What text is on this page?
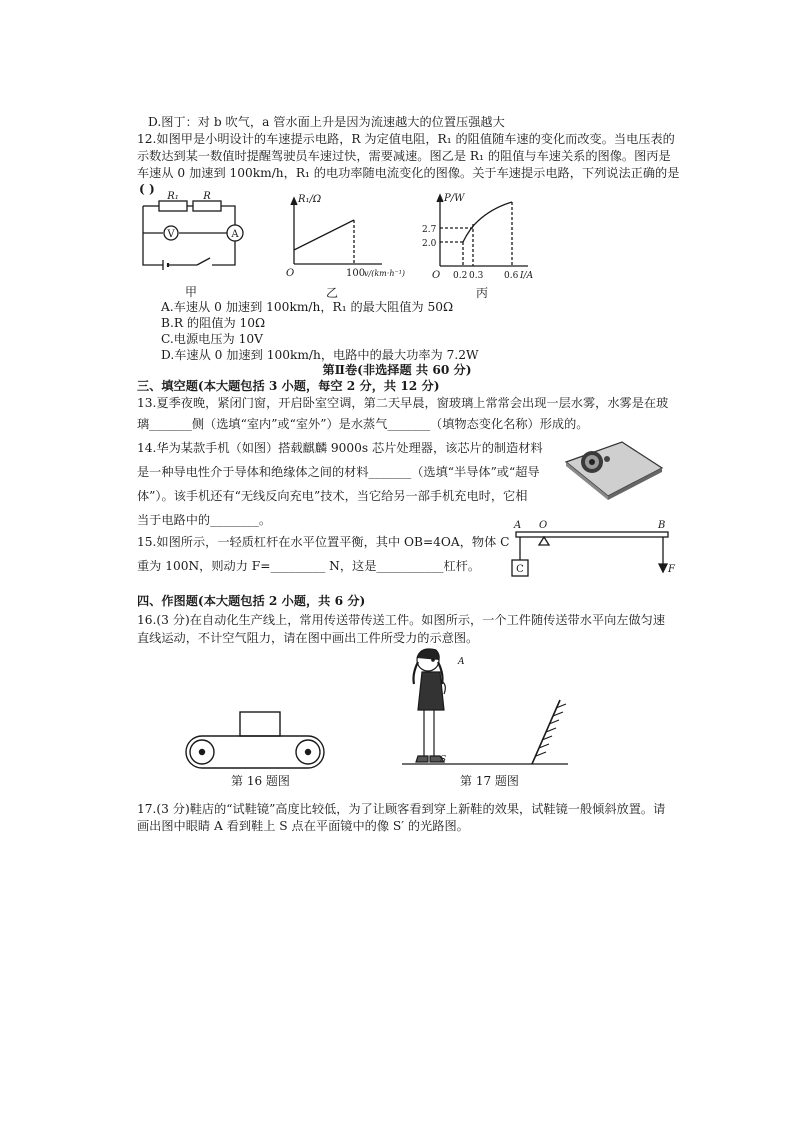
D.图丁：对 b 吹气，a 管水面上升是因为流速越大的位置压强越大
12.如图甲是小明设计的车速提示电路，R 为定值电阻，R₁ 的阻值随车速的变化而改变。当电压表的
示数达到某一数值时提醒驾驶员车速过快，需要减速。图乙是 R₁ 的阻值与车速关系的图像。图丙是
车速从 0 加速到 100km/h，R₁ 的电功率随电流变化的图像。关于车速提示电路，下列说法正确的是
( )
V	A
R₁ R
甲
R₁/Ω
O	100
v/(km·h⁻¹)
乙
P/W
2.7
2.0
O 0.2 0.3 0.6 I/A
丙
A.车速从 0 加速到 100km/h，R₁ 的最大阻值为 50Ω
B.R 的阻值为 10Ω
C.电源电压为 10V
D.车速从 0 加速到 100km/h，电路中的最大功率为 7.2W
第Ⅱ卷(非选择题 共 60 分)
三、填空题(本大题包括 3 小题，每空 2 分，共 12 分)
13.夏季夜晚，紧闭门窗，开启卧室空调，第二天早晨，窗玻璃上常常会出现一层水雾，水雾是在玻
璃_______侧（选填“室内”或“室外”）是水蒸气_______（填物态变化名称）形成的。
14.华为某款手机（如图）搭载麒麟 9000s 芯片处理器，该芯片的制造材料
是一种导电性介于导体和绝缘体之间的材料_______（选填“半导体”或“超导
体”）。该手机还有“无线反向充电”技术，当它给另一部手机充电时，它相
当于电路中的________。
15.如图所示，一轻质杠杆在水平位置平衡，其中 OB=4OA，物体 C
重为 100N，则动力 F=_________ N，这是___________杠杆。
A O	B
C	F
四、作图题(本大题包括 2 小题，共 6 分)
16.(3 分)在自动化生产线上，常用传送带传送工件。如图所示，一个工件随传送带水平向左做匀速
直线运动，不计空气阻力，请在图中画出工件所受力的示意图。
第 16 题图
A
S
第 17 题图
17.(3 分)鞋店的“试鞋镜”高度比较低，为了让顾客看到穿上新鞋的效果，试鞋镜一般倾斜放置。请
画出图中眼睛 A 看到鞋上 S 点在平面镜中的像 S′ 的光路图。
